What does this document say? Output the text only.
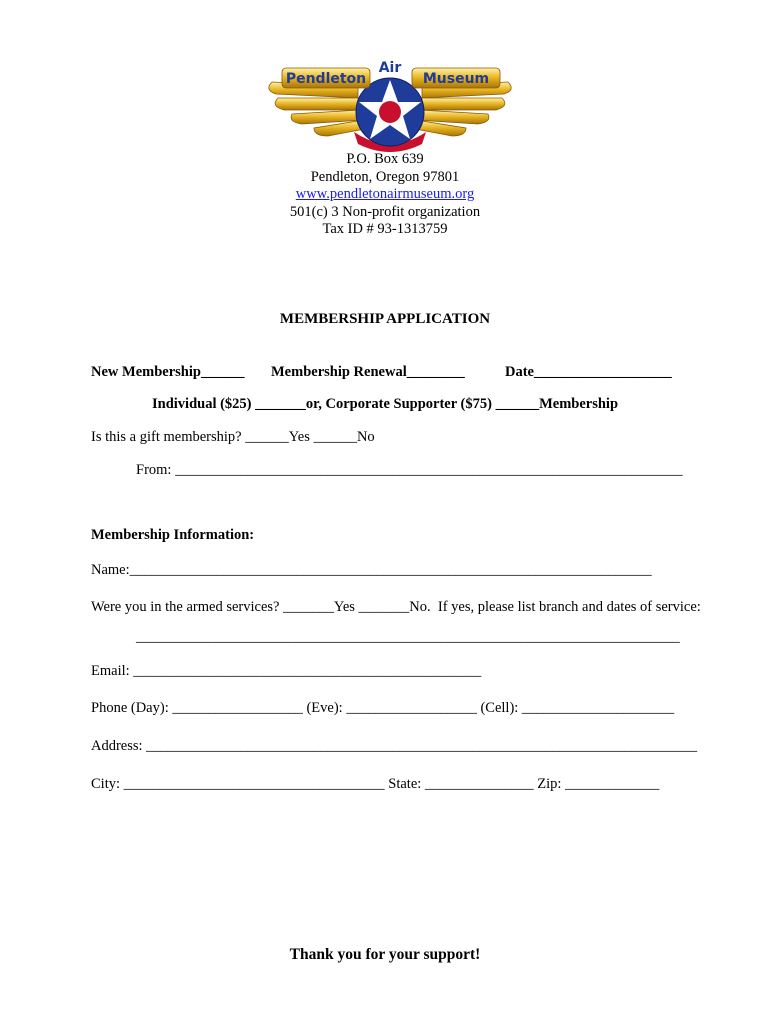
Pendleton
Air
Museum
P.O. Box 639
Pendleton, Oregon 97801
www.pendletonairmuseum.org
501(c) 3 Non-profit organization
Tax ID # 93-1313759
MEMBERSHIP APPLICATION
New Membership______ Membership Renewal________	Date___________________
Individual ($25) _______or, Corporate Supporter ($75) ______Membership
Is this a gift membership? ______Yes ______No
From: ______________________________________________________________________
Membership Information:
Name:________________________________________________________________________
Were you in the armed services? _______Yes _______No.  If yes, please list branch and dates of service:
___________________________________________________________________________
Email: ________________________________________________
Phone (Day): __________________ (Eve): __________________ (Cell): _____________________
Address: ____________________________________________________________________________
City: ____________________________________ State: _______________ Zip: _____________
Thank you for your support!
